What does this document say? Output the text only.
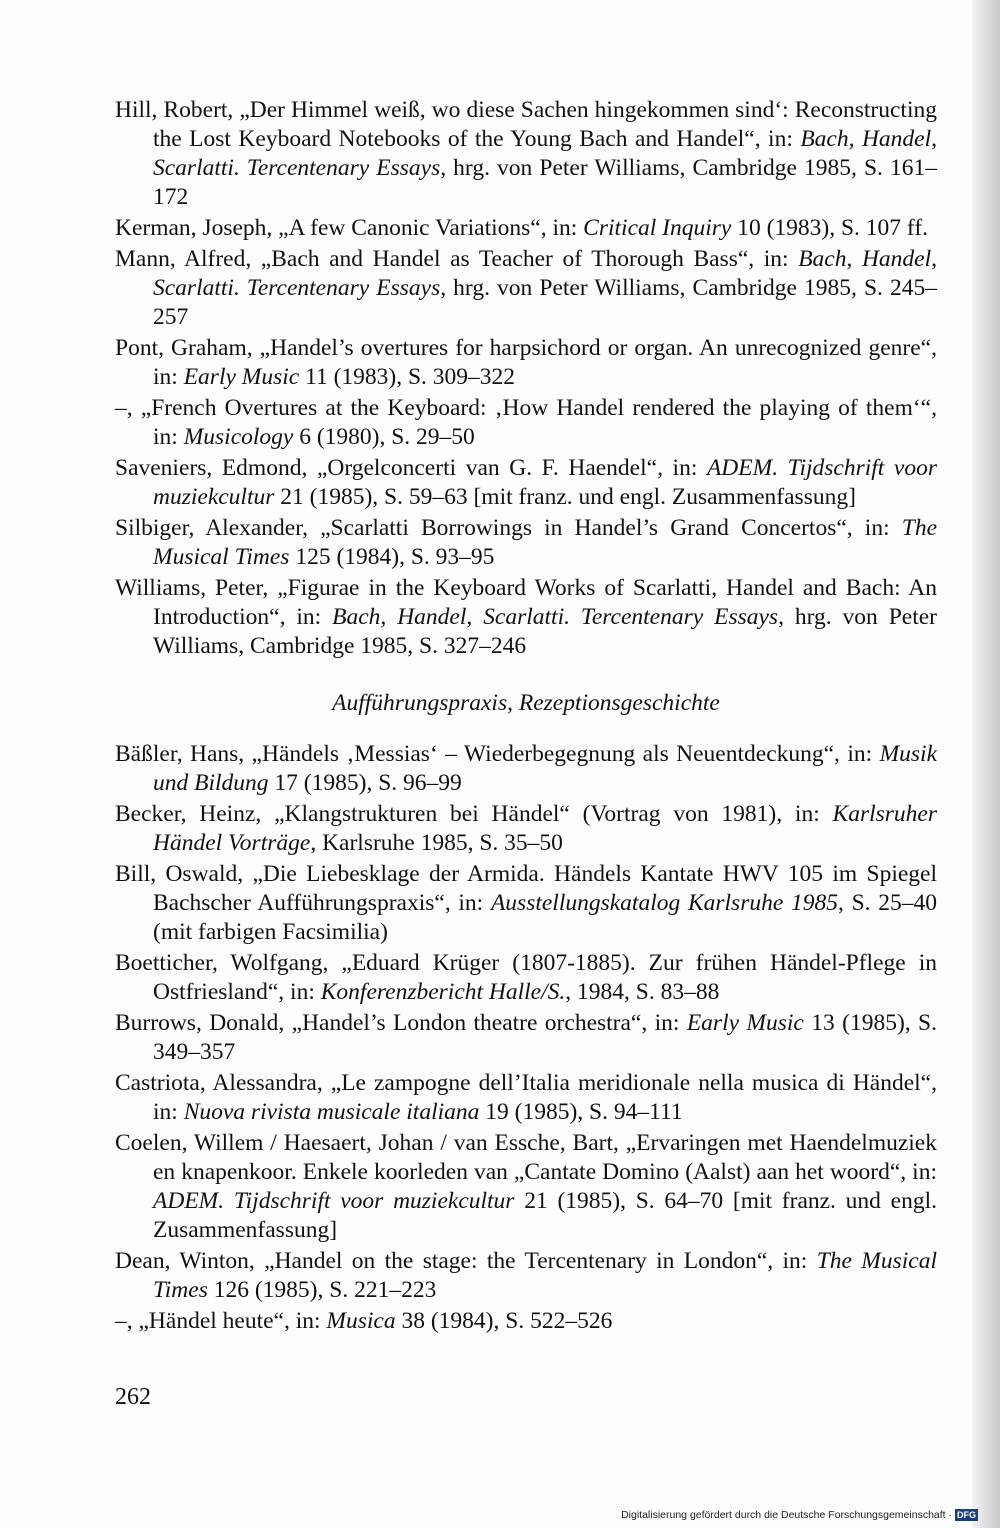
Hill, Robert, „Der Himmel weiß, wo diese Sachen hingekommen sind‘: Reconstructing the Lost Keyboard Notebooks of the Young Bach and Handel“, in: Bach, Handel, Scarlatti. Tercentenary Essays, hrg. von Peter Williams, Cambridge 1985, S. 161–172

Kerman, Joseph, „A few Canonic Variations“, in: Critical Inquiry 10 (1983), S. 107 ff.

Mann, Alfred, „Bach and Handel as Teacher of Thorough Bass“, in: Bach, Handel, Scarlatti. Tercentenary Essays, hrg. von Peter Williams, Cambridge 1985, S. 245–257

Pont, Graham, „Handel’s overtures for harpsichord or organ. An unrecognized genre“, in: Early Music 11 (1983), S. 309–322

–, „French Overtures at the Keyboard: ‚How Handel rendered the playing of them‘“, in: Musicology 6 (1980), S. 29–50

Saveniers, Edmond, „Orgelconcerti van G. F. Haendel“, in: ADEM. Tijdschrift voor muziekcultur 21 (1985), S. 59–63 [mit franz. und engl. Zusammenfassung]

Silbiger, Alexander, „Scarlatti Borrowings in Handel’s Grand Concertos“, in: The Musical Times 125 (1984), S. 93–95

Williams, Peter, „Figurae in the Keyboard Works of Scarlatti, Handel and Bach: An Introduction“, in: Bach, Handel, Scarlatti. Tercentenary Essays, hrg. von Peter Williams, Cambridge 1985, S. 327–246

Aufführungspraxis, Rezeptionsgeschichte

Bäßler, Hans, „Händels ‚Messias‘ – Wiederbegegnung als Neuentdeckung“, in: Musik und Bildung 17 (1985), S. 96–99

Becker, Heinz, „Klangstrukturen bei Händel“ (Vortrag von 1981), in: Karlsruher Händel Vorträge, Karlsruhe 1985, S. 35–50

Bill, Oswald, „Die Liebesklage der Armida. Händels Kantate HWV 105 im Spiegel Bachscher Aufführungspraxis“, in: Ausstellungskatalog Karlsruhe 1985, S. 25–40 (mit farbigen Facsimilia)

Boetticher, Wolfgang, „Eduard Krüger (1807-1885). Zur frühen Händel-Pflege in Ostfriesland“, in: Konferenzbericht Halle/S., 1984, S. 83–88

Burrows, Donald, „Handel’s London theatre orchestra“, in: Early Music 13 (1985), S. 349–357

Castriota, Alessandra, „Le zampogne dell’Italia meridionale nella musica di Händel“, in: Nuova rivista musicale italiana 19 (1985), S. 94–111

Coelen, Willem / Haesaert, Johan / van Essche, Bart, „Ervaringen met Haendelmuziek en knapenkoor. Enkele koorleden van „Cantate Domino (Aalst) aan het woord“, in: ADEM. Tijdschrift voor muziekcultur 21 (1985), S. 64–70 [mit franz. und engl. Zusammenfassung]

Dean, Winton, „Handel on the stage: the Tercentenary in London“, in: The Musical Times 126 (1985), S. 221–223

–, „Händel heute“, in: Musica 38 (1984), S. 522–526

262
Digitalisierung gefördert durch die Deutsche Forschungsgemeinschaft · DFG
